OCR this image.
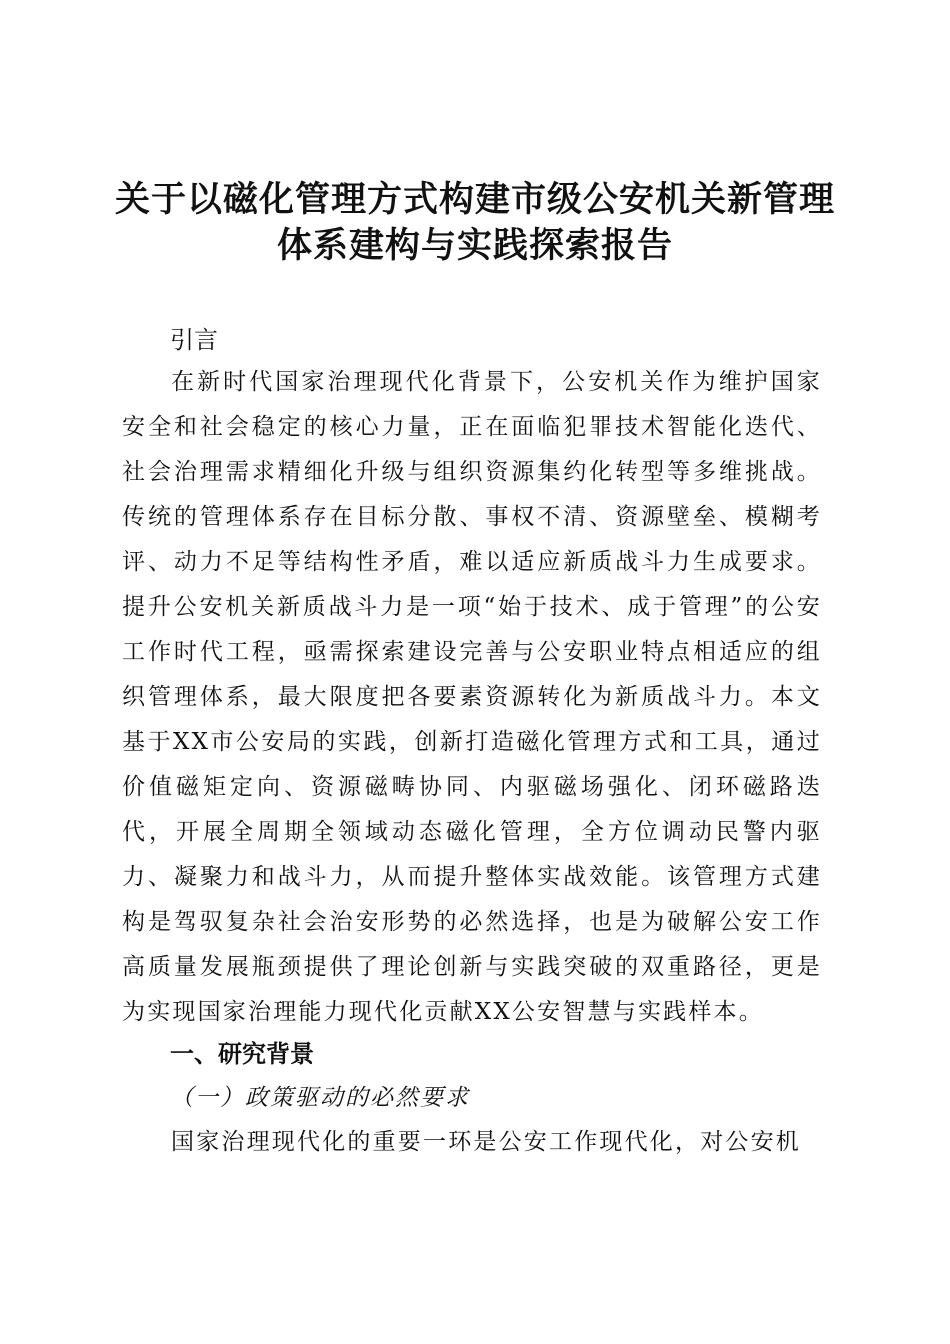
关于以磁化管理方式构建市级公安机关新管理
体系建构与实践探索报告
引言
在新时代国家治理现代化背景下，公安机关作为维护国家安全和社会稳定的核心力量，正在面临犯罪技术智能化迭代、社会治理需求精细化升级与组织资源集约化转型等多维挑战。传统的管理体系存在目标分散、事权不清、资源壁垒、模糊考评、动力不足等结构性矛盾，难以适应新质战斗力生成要求。提升公安机关新质战斗力是一项“始于技术、成于管理”的公安工作时代工程，亟需探索建设完善与公安职业特点相适应的组织管理体系，最大限度把各要素资源转化为新质战斗力。本文基于XX市公安局的实践，创新打造磁化管理方式和工具，通过价值磁矩定向、资源磁畴协同、内驱磁场强化、闭环磁路迭代，开展全周期全领域动态磁化管理，全方位调动民警内驱力、凝聚力和战斗力，从而提升整体实战效能。该管理方式建构是驾驭复杂社会治安形势的必然选择，也是为破解公安工作高质量发展瓶颈提供了理论创新与实践突破的双重路径，更是为实现国家治理能力现代化贡献XX公安智慧与实践样本。
一、研究背景
（一）政策驱动的必然要求
国家治理现代化的重要一环是公安工作现代化，对公安机
